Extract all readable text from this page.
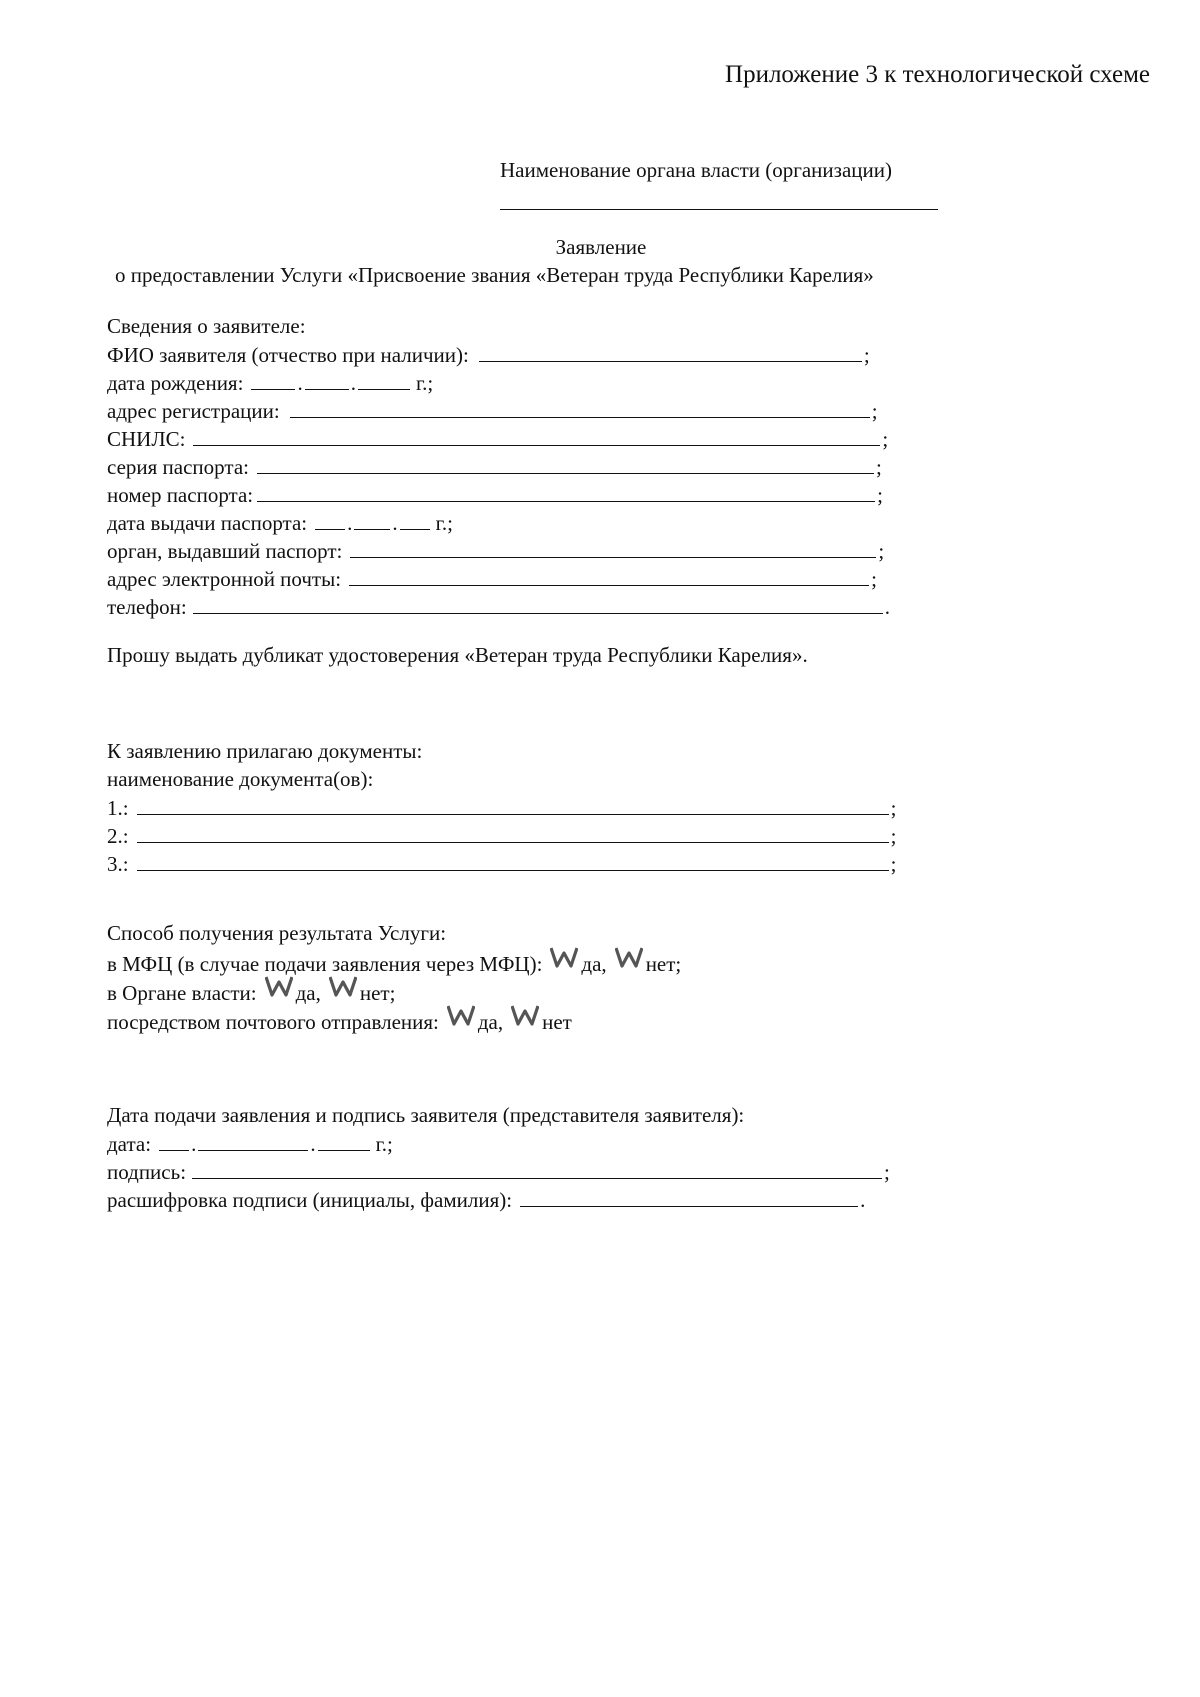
Приложение 3 к технологической схеме
Наименование органа власти (организации)
Заявление
о предоставлении Услуги «Присвоение звания «Ветеран труда Республики Карелия»
Сведения о заявителе:
ФИО заявителя (отчество при наличии):	;
дата рождения:	. .	г.;
адрес регистрации:	;
СНИЛС:	;
серия паспорта:	;
номер паспорта:	;
дата выдачи паспорта: . . г.;
орган, выдавший паспорт:	;
адрес электронной почты:	;
телефон:	.
Прошу выдать дубликат удостоверения «Ветеран труда Республики Карелия».
К заявлению прилагаю документы:
наименование документа(ов):
1.:	;
2.:	;
3.:	;
Способ получения результата Услуги:
в МФЦ (в случае подачи заявления через МФЦ): да, нет;
в Органе власти: да, нет;
посредством почтового отправления: да, нет
Дата подачи заявления и подпись заявителя (представителя заявителя):
дата: .	.	г.;
подпись:	;
расшифровка подписи (инициалы, фамилия):	.
